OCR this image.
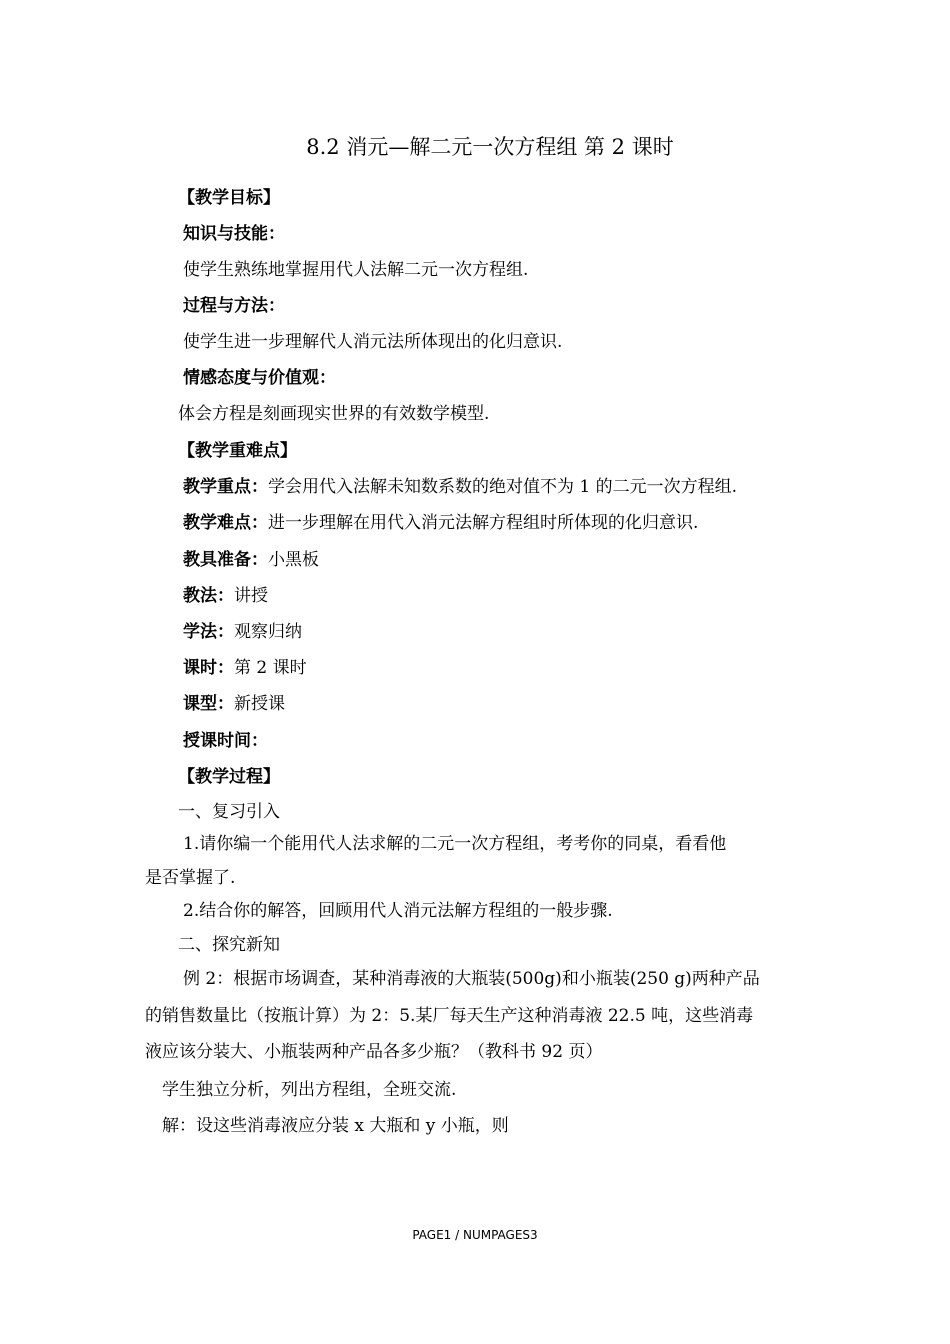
8.2 消元—解二元一次方程组 第 2 课时
【教学目标】
知识与技能：
使学生熟练地掌握用代人法解二元一次方程组.
过程与方法：
使学生进一步理解代人消元法所体现出的化归意识.
情感态度与价值观：
体会方程是刻画现实世界的有效数学模型.
【教学重难点】
教学重点：学会用代入法解未知数系数的绝对值不为 1 的二元一次方程组.
教学难点：进一步理解在用代入消元法解方程组时所体现的化归意识.
教具准备：小黑板
教法：讲授
学法：观察归纳
课时：第 2 课时
课型：新授课
授课时间：
【教学过程】
一、复习引入
1.请你编一个能用代人法求解的二元一次方程组，考考你的同桌，看看他
是否掌握了.
2.结合你的解答，回顾用代人消元法解方程组的一般步骤.
二、探究新知
例 2：根据市场调查，某种消毒液的大瓶装(500g)和小瓶装(250 g)两种产品
的销售数量比（按瓶计算）为 2：5.某厂每天生产这种消毒液 22.5 吨，这些消毒
液应该分装大、小瓶装两种产品各多少瓶？（教科书 92 页）
学生独立分析，列出方程组，全班交流.
解：设这些消毒液应分装 x 大瓶和 y 小瓶，则
PAGE1 / NUMPAGES3
